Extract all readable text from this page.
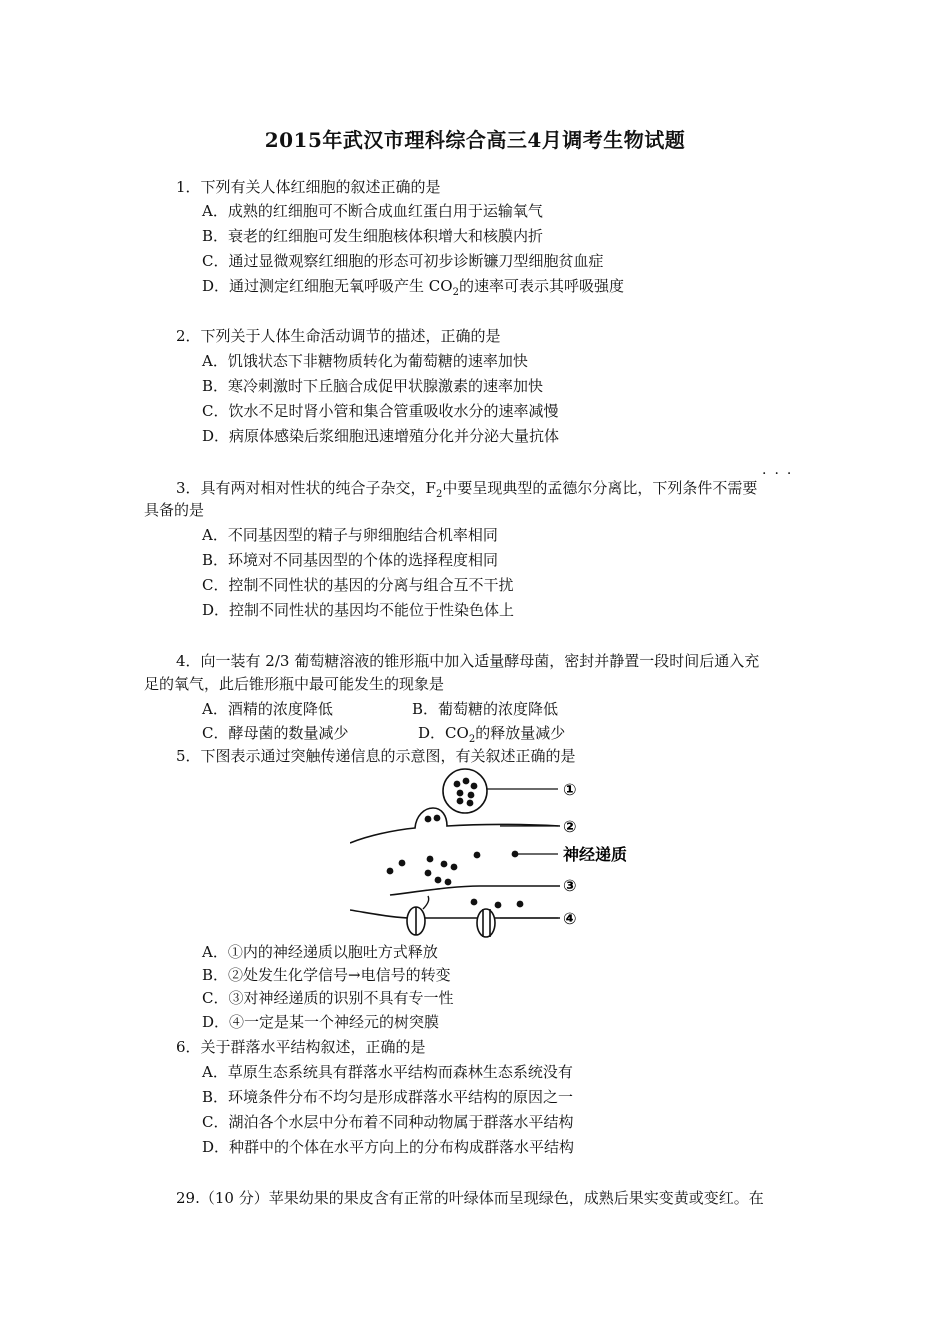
2015年武汉市理科综合高三4月调考生物试题
1．下列有关人体红细胞的叙述正确的是
A．成熟的红细胞可不断合成血红蛋白用于运输氧气
B．衰老的红细胞可发生细胞核体积增大和核膜内折
C．通过显微观察红细胞的形态可初步诊断镰刀型细胞贫血症
D．通过测定红细胞无氧呼吸产生 $CO_2$的速率可表示其呼吸强度
2．下列关于人体生命活动调节的描述，正确的是
A．饥饿状态下非糖物质转化为葡萄糖的速率加快
B．寒冷刺激时下丘脑合成促甲状腺激素的速率加快
C．饮水不足时肾小管和集合管重吸收水分的速率减慢
D．病原体感染后浆细胞迅速增殖分化并分泌大量抗体
···
3．具有两对相对性状的纯合子杂交，$F_2$中要呈现典型的孟德尔分离比，下列条件不需要
具备的是
A．不同基因型的精子与卵细胞结合机率相同
B．环境对不同基因型的个体的选择程度相同
C．控制不同性状的基因的分离与组合互不干扰
D．控制不同性状的基因均不能位于性染色体上
4．向一装有 2/3 葡萄糖溶液的锥形瓶中加入适量酵母菌，密封并静置一段时间后通入充
足的氧气，此后锥形瓶中最可能发生的现象是
A．酒精的浓度降低	B．葡萄糖的浓度降低
C．酵母菌的数量减少	D．$CO_2$的释放量减少
5．下图表示通过突触传递信息的示意图，有关叙述正确的是
①
②
神经递质
③
④
A．①内的神经递质以胞吐方式释放
B．②处发生化学信号→电信号的转变
C．③对神经递质的识别不具有专一性
D．④一定是某一个神经元的树突膜
6．关于群落水平结构叙述，正确的是
A．草原生态系统具有群落水平结构而森林生态系统没有
B．环境条件分布不均匀是形成群落水平结构的原因之一
C．湖泊各个水层中分布着不同种动物属于群落水平结构
D．种群中的个体在水平方向上的分布构成群落水平结构
29.（10 分）苹果幼果的果皮含有正常的叶绿体而呈现绿色，成熟后果实变黄或变红。在
